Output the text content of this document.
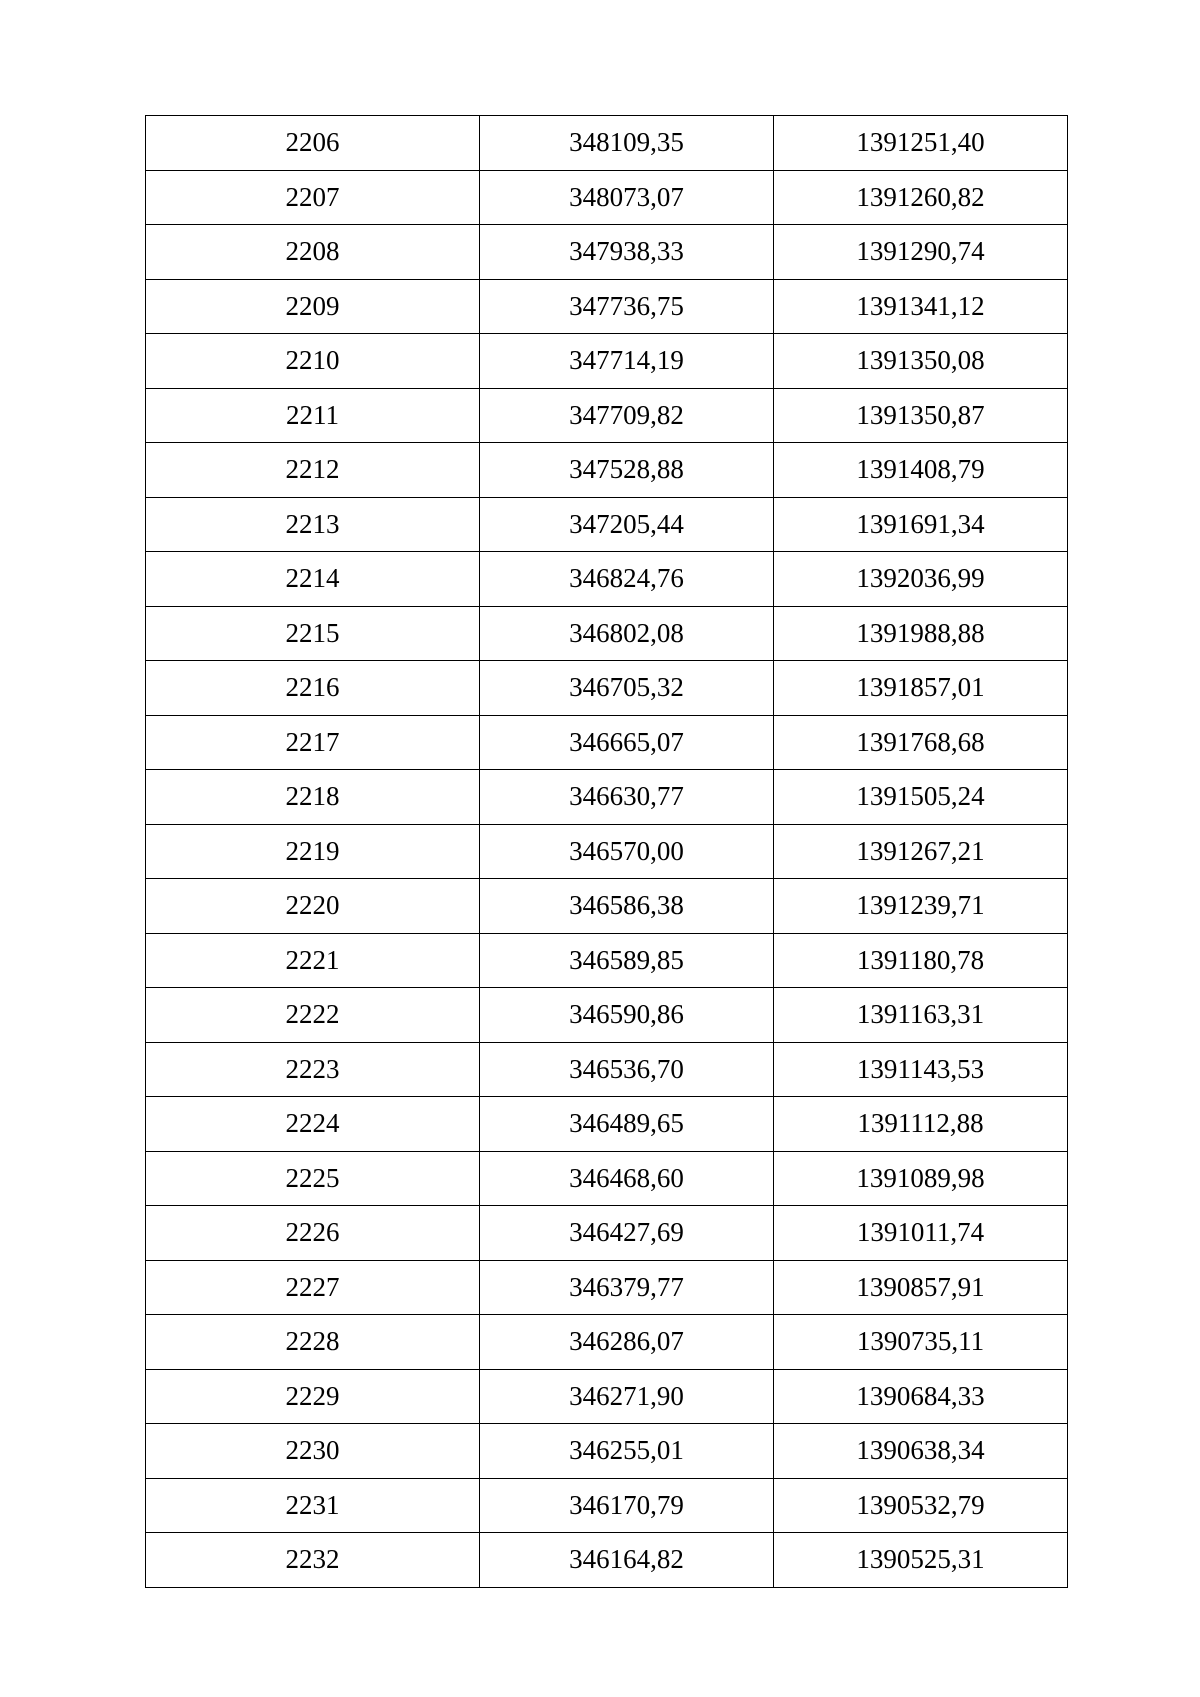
2206	348109,35	1391251,40
2207	348073,07	1391260,82
2208	347938,33	1391290,74
2209	347736,75	1391341,12
2210	347714,19	1391350,08
2211	347709,82	1391350,87
2212	347528,88	1391408,79
2213	347205,44	1391691,34
2214	346824,76	1392036,99
2215	346802,08	1391988,88
2216	346705,32	1391857,01
2217	346665,07	1391768,68
2218	346630,77	1391505,24
2219	346570,00	1391267,21
2220	346586,38	1391239,71
2221	346589,85	1391180,78
2222	346590,86	1391163,31
2223	346536,70	1391143,53
2224	346489,65	1391112,88
2225	346468,60	1391089,98
2226	346427,69	1391011,74
2227	346379,77	1390857,91
2228	346286,07	1390735,11
2229	346271,90	1390684,33
2230	346255,01	1390638,34
2231	346170,79	1390532,79
2232	346164,82	1390525,31
